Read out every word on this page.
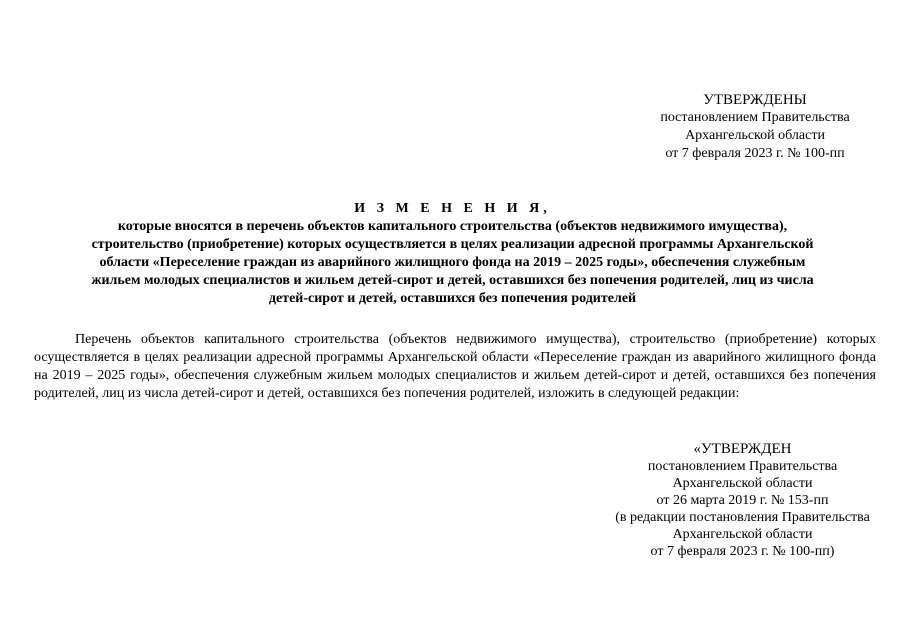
УТВЕРЖДЕНЫ
постановлением Правительства
Архангельской области
от 7 февраля 2023 г. № 100-пп
И З М Е Н Е Н И Я,
которые вносятся в перечень объектов капитального строительства (объектов недвижимого имущества),
строительство (приобретение) которых осуществляется в целях реализации адресной программы Архангельской
области «Переселение граждан из аварийного жилищного фонда на 2019 – 2025 годы», обеспечения служебным
жильем молодых специалистов и жильем детей-сирот и детей, оставшихся без попечения родителей, лиц из числа
детей-сирот и детей, оставшихся без попечения родителей
Перечень объектов капитального строительства (объектов недвижимого имущества), строительство (приобретение) которых осуществляется в целях реализации адресной программы Архангельской области «Переселение граждан из аварийного жилищного фонда на 2019 – 2025 годы», обеспечения служебным жильем молодых специалистов и жильем детей-сирот и детей, оставшихся без попечения родителей, лиц из числа детей-сирот и детей, оставшихся без попечения родителей, изложить в следующей редакции:
«УТВЕРЖДЕН
постановлением Правительства
Архангельской области
от 26 марта 2019 г. № 153-пп
(в редакции постановления Правительства
Архангельской области
от 7 февраля 2023 г. № 100-пп)
